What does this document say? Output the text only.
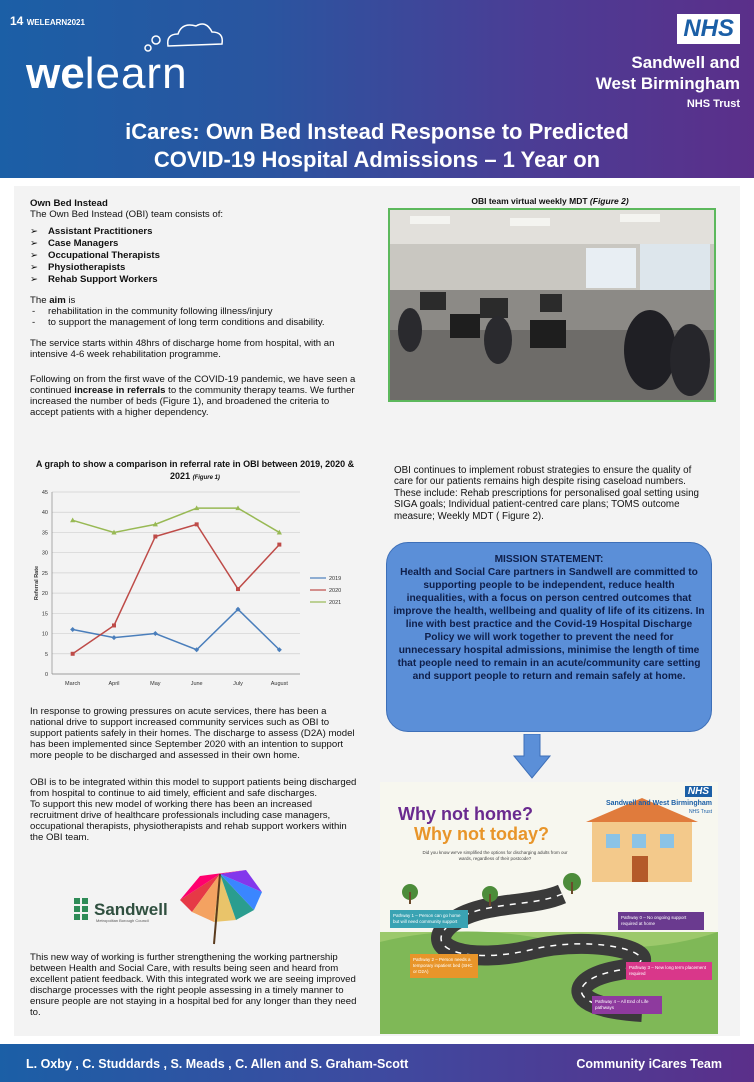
14 WELEARN2021
welearn
NHS
Sandwell and
West Birmingham
NHS Trust
iCares: Own Bed Instead Response to Predicted
COVID-19 Hospital Admissions – 1 Year on
Own Bed Instead
The Own Bed Instead (OBI) team consists of:
➢ Assistant Practitioners
➢ Case Managers
➢ Occupational Therapists
➢ Physiotherapists
➢ Rehab Support Workers
The aim is
- rehabilitation in the community following illness/injury
- to support the management of long term conditions and disability.

The service starts within 48hrs of discharge home from hospital, with an intensive 4-6 week rehabilitation programme.

Following on from the first wave of the COVID-19 pandemic, we have seen a continued increase in referrals to the community therapy teams. We further increased the number of beds (Figure 1), and broadened the criteria to accept patients with a higher dependency.

A graph to show a comparison in referral rate in OBI between 2019, 2020 & 2021 (Figure 1)
0
5
10
15
20
25
30
35
40
45
March	April	May	June	July	August
Referral Rate	2019
2020
2021

In response to growing pressures on acute services, there has been a national drive to support increased community services such as OBI to support patients safely in their homes. The discharge to assess (D2A) model has been implemented since September 2020 with an intention to support more people to be discharged and assessed in their own home.

OBI is to be integrated within this model to support patients being discharged from hospital to continue to aid timely, efficient and safe discharges.

To support this new model of working there has been an increased recruitment drive of healthcare professionals including case managers, occupational therapists, physiotherapists and rehab support workers within the OBI team.

Sandwell
Metropolitan Borough Council

This new way of working is further strengthening the working partnership between Health and Social Care, with results being seen and heard from excellent patient feedback. With this integrated work we are seeing improved discharge processes with the right people assessing in a timely manner to ensure people are not staying in a hospital bed for any longer than they need to.

OBI team virtual weekly MDT (Figure 2)

OBI continues to implement robust strategies to ensure the quality of care for our patients remains high despite rising caseload numbers. These include: Rehab prescriptions for personalised goal setting using SIGA goals; Individual patient-centred care plans; TOMS outcome measure; Weekly MDT ( Figure 2).

MISSION STATEMENT:
Health and Social Care partners in Sandwell are committed to supporting people to be independent, reduce health inequalities, with a focus on person centred outcomes that improve the health, wellbeing and quality of life of its citizens. In line with best practice and the Covid-19 Hospital Discharge Policy we will work together to prevent the need for unnecessary hospital admissions, minimise the length of time that people need to remain in an acute/community care setting and support people to return and remain safely at home.
NHS
Sandwell and West Birmingham
NHS Trust
Why not home?
Why not today?
Did you know we've simplified the options for discharging adults from our wards, regardless of their postcode?
Pathway 1 – Person can go home but will need community support
Pathway 2 – Person needs a temporary inpatient bed (SHC or D2A)
Pathway 0 – No ongoing support required at home
Pathway 3 – New long term placement required
Pathway 4 – All End of Life pathways
L. Oxby , C. Studdards , S. Meads , C. Allen and S. Graham-Scott	Community iCares Team
